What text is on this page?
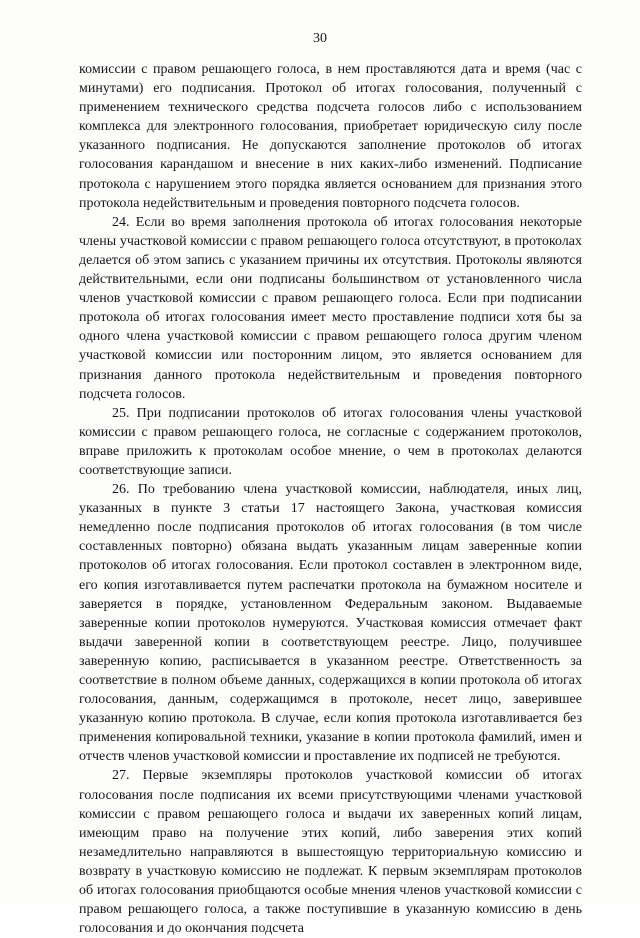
30

комиссии с правом решающего голоса, в нем проставляются дата и время (час с минутами) его подписания. Протокол об итогах голосования, полученный с применением технического средства подсчета голосов либо с использованием комплекса для электронного голосования, приобретает юридическую силу после указанного подписания. Не допускаются заполнение протоколов об итогах голосования карандашом и внесение в них каких-либо изменений. Подписание протокола с нарушением этого порядка является основанием для признания этого протокола недействительным и проведения повторного подсчета голосов.

24. Если во время заполнения протокола об итогах голосования некоторые члены участковой комиссии с правом решающего голоса отсутствуют, в протоколах делается об этом запись с указанием причины их отсутствия. Протоколы являются действительными, если они подписаны большинством от установленного числа членов участковой комиссии с правом решающего голоса. Если при подписании протокола об итогах голосования имеет место проставление подписи хотя бы за одного члена участковой комиссии с правом решающего голоса другим членом участковой комиссии или посторонним лицом, это является основанием для признания данного протокола недействительным и проведения повторного подсчета голосов.

25. При подписании протоколов об итогах голосования члены участковой комиссии с правом решающего голоса, не согласные с содержанием протоколов, вправе приложить к протоколам особое мнение, о чем в протоколах делаются соответствующие записи.

26. По требованию члена участковой комиссии, наблюдателя, иных лиц, указанных в пункте 3 статьи 17 настоящего Закона, участковая комиссия немедленно после подписания протоколов об итогах голосования (в том числе составленных повторно) обязана выдать указанным лицам заверенные копии протоколов об итогах голосования. Если протокол составлен в электронном виде, его копия изготавливается путем распечатки протокола на бумажном носителе и заверяется в порядке, установленном Федеральным законом. Выдаваемые заверенные копии протоколов нумеруются. Участковая комиссия отмечает факт выдачи заверенной копии в соответствующем реестре. Лицо, получившее заверенную копию, расписывается в указанном реестре. Ответственность за соответствие в полном объеме данных, содержащихся в копии протокола об итогах голосования, данным, содержащимся в протоколе, несет лицо, заверившее указанную копию протокола. В случае, если копия протокола изготавливается без применения копировальной техники, указание в копии протокола фамилий, имен и отчеств членов участковой комиссии и проставление их подписей не требуются.

27. Первые экземпляры протоколов участковой комиссии об итогах голосования после подписания их всеми присутствующими членами участковой комиссии с правом решающего голоса и выдачи их заверенных копий лицам, имеющим право на получение этих копий, либо заверения этих копий незамедлительно направляются в вышестоящую территориальную комиссию и возврату в участковую комиссию не подлежат. К первым экземплярам протоколов об итогах голосования приобщаются особые мнения членов участковой комиссии с правом решающего голоса, а также поступившие в указанную комиссию в день голосования и до окончания подсчета
